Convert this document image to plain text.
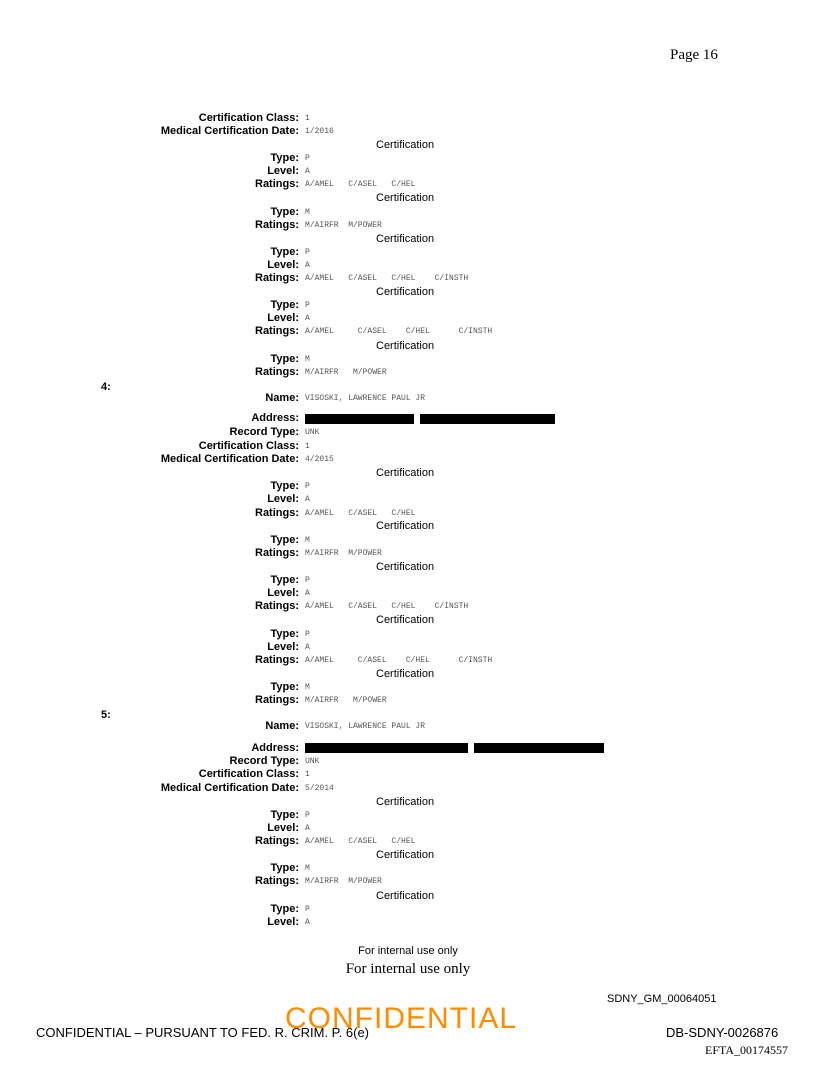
Page 16
Certification Class: 1
Medical Certification Date: 1/2016
Certification
Type: P
Level: A
Ratings: A/AMEL   C/ASEL   C/HEL
Certification
Type: M
Ratings: M/AIRFR  M/POWER
Certification
Type: P
Level: A
Ratings: A/AMEL   C/ASEL   C/HEL    C/INSTH
Certification
Type: P
Level: A
Ratings: A/AMEL     C/ASEL    C/HEL      C/INSTH
Certification
Type: M
Ratings: M/AIRFR   M/POWER
4:
Name: VISOSKI, LAWRENCE PAUL JR
Address:
Record Type: UNK
Certification Class: 1
Medical Certification Date: 4/2015
Certification
Type: P
Level: A
Ratings: A/AMEL   C/ASEL   C/HEL
Certification
Type: M
Ratings: M/AIRFR  M/POWER
Certification
Type: P
Level: A
Ratings: A/AMEL   C/ASEL   C/HEL    C/INSTH
Certification
Type: P
Level: A
Ratings: A/AMEL     C/ASEL    C/HEL      C/INSTH
Certification
Type: M
Ratings: M/AIRFR   M/POWER
5:
Name: VISOSKI, LAWRENCE PAUL JR
Address:
Record Type: UNK
Certification Class: 1
Medical Certification Date: 5/2014
Certification
Type: P
Level: A
Ratings: A/AMEL   C/ASEL   C/HEL
Certification
Type: M
Ratings: M/AIRFR  M/POWER
Certification
Type: P
Level: A
For internal use only
For internal use only
SDNY_GM_00064051
CONFIDENTIAL – PURSUANT TO FED. R. CRIM. P. 6(e)
CONFIDENTIAL	DB-SDNY-0026876
EFTA_00174557
